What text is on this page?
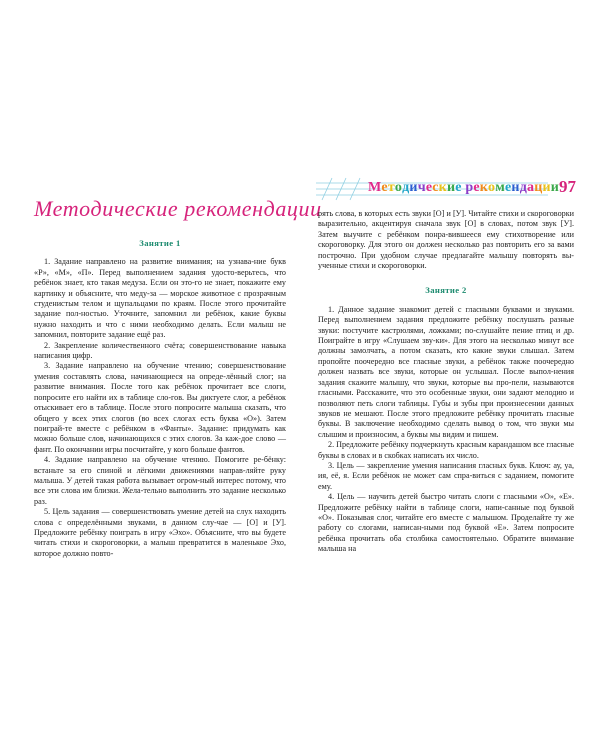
Методические рекомендации 97
Методические рекомендации
Занятие 1

1. Задание направлено на развитие внимания; на узнава-ние букв «Р», «М», «П». Перед выполнением задания удосто-верьтесь, что ребёнок знает, кто такая медуза. Если он это-го не знает, покажите ему картинку и объясните, что меду-за — морское животное с прозрачным студенистым телом и щупальцами по краям. После этого прочитайте задание пол-ностью. Уточните, запомнил ли ребёнок, какие буквы нужно находить и что с ними необходимо делать. Если малыш не запомнил, повторите задание ещё раз.

2. Закрепление количественного счёта; совершенствование навыка написания цифр.

3. Задание направлено на обучение чтению; совершенствование умения составлять слова, начинающиеся на опреде-лённый слог; на развитие внимания. После того как ребёнок прочитает все слоги, попросите его найти их в таблице сло-гов. Вы диктуете слог, а ребёнок отыскивает его в таблице. После этого попросите малыша сказать, что общего у всех этих слогов (во всех слогах есть буква «О»). Затем поиграй-те вместе с ребёнком в «Фанты». Задание: придумать как можно больше слов, начинающихся с этих слогов. За каж-дое слово — фант. По окончании игры посчитайте, у кого больше фантов.

4. Задание направлено на обучение чтению. Помогите ре-бёнку: встаньте за его спиной и лёгкими движениями направ-ляйте руку малыша. У детей такая работа вызывает огром-ный интерес потому, что все эти слова им близки. Жела-тельно выполнить это задание несколько раз.

5. Цель задания — совершенствовать умение детей на слух находить слова с определёнными звуками, в данном слу-чае — [О] и [У]. Предложите ребёнку поиграть в игру «Эхо». Объясните, что вы будете читать стихи и скороговорки, а малыш превратится в маленькое Эхо, которое должно повто-

рять слова, в которых есть звуки [О] и [У]. Читайте стихи и скороговорки выразительно, акцентируя сначала звук [О] в словах, потом звук [У]. Затем выучите с ребёнком понра-вившееся ему стихотворение или скороговорку. Для этого он должен несколько раз повторить его за вами построчно. При удобном случае предлагайте малышу повторять вы-ученные стихи и скороговорки.

Занятие 2

1. Данное задание знакомит детей с гласными буквами и звуками. Перед выполнением задания предложите ребёнку послушать разные звуки: постучите кастрюлями, ложками; по-слушайте пение птиц и др. Поиграйте в игру «Слушаем зву-ки». Для этого на несколько минут все должны замолчать, а потом сказать, кто какие звуки слышал. Затем пропойте поочередно все гласные звуки, а ребёнок также поочередно должен назвать все звуки, которые он услышал. После выпол-нения задания скажите малышу, что звуки, которые вы про-пели, называются гласными. Расскажите, что это особенные звуки, они задают мелодию и позволяют петь слоги таблицы. Губы и зубы при произнесении данных звуков не мешают. После этого предложите ребёнку прочитать гласные буквы. В заключение необходимо сделать вывод о том, что звуки мы слышим и произносим, а буквы мы видим и пишем.

2. Предложите ребёнку подчеркнуть красным карандашом все гласные буквы в словах и в скобках написать их число.

3. Цель — закрепление умения написания гласных букв. Ключ: ау, уа, ия, её, я. Если ребёнок не может сам спра-виться с заданием, помогите ему.

4. Цель — научить детей быстро читать слоги с гласными «О», «Е». Предложите ребёнку найти в таблице слоги, напи-санные под буквой «О». Показывая слог, читайте его вместе с малышом. Проделайте ту же работу со слогами, написан-ными под буквой «Е». Затем попросите ребёнка прочитать оба столбика самостоятельно. Обратите внимание малыша на
